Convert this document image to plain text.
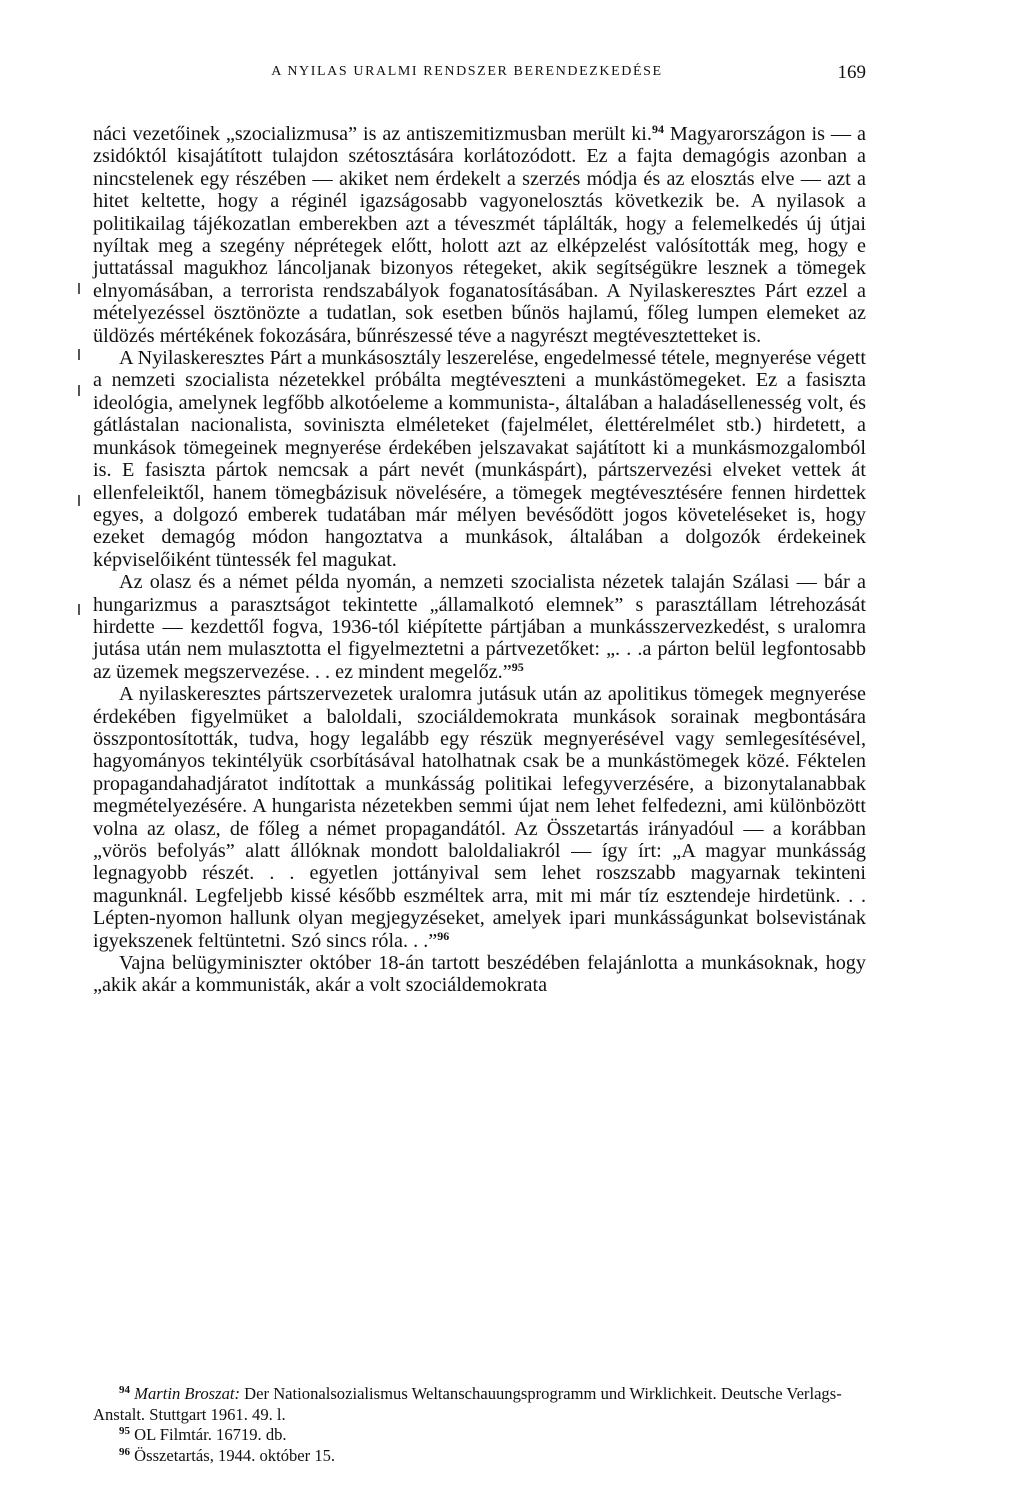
A NYILAS URALMI RENDSZER BERENDEZKEDÉSE	169

náci vezetőinek „szocializmusa” is az antiszemitizmusban merült ki.$^{94}$ Magyarországon is — a zsidóktól kisajátított tulajdon szétosztására korlátozódott. Ez a fajta demagógis azonban a nincstelenek egy részében — akiket nem érdekelt a szerzés módja és az elosztás elve — azt a hitet keltette, hogy a réginél igazságosabb vagyonelosztás következik be. A nyilasok a politikailag tájékozatlan emberekben azt a téveszmét táplálták, hogy a felemelkedés új útjai nyíltak meg a szegény néprétegek előtt, holott azt az elképzelést valósították meg, hogy e juttatással magukhoz láncoljanak bizonyos rétegeket, akik segítségükre lesznek a tömegek elnyomásában, a terrorista rendszabályok foganatosításában. A Nyilaskeresztes Párt ezzel a mételyezéssel ösztönözte a tudatlan, sok esetben bűnös hajlamú, főleg lumpen elemeket az üldözés mértékének fokozására, bűnrészessé téve a nagyrészt megtévesztetteket is.

A Nyilaskeresztes Párt a munkásosztály leszerelése, engedelmessé tétele, megnyerése végett a nemzeti szocialista nézetekkel próbálta megtéveszteni a munkástömegeket. Ez a fasiszta ideológia, amelynek legfőbb alkotóeleme a kommunista-, általában a haladásellenesség volt, és gátlástalan nacionalista, soviniszta elméleteket (fajelmélet, élettérelmélet stb.) hirdetett, a munkások tömegeinek megnyerése érdekében jelszavakat sajátított ki a munkásmozgalomból is. E fasiszta pártok nemcsak a párt nevét (munkáspárt), pártszervezési elveket vettek át ellenfeleiktől, hanem tömegbázisuk növelésére, a tömegek megtévesztésére fennen hirdettek egyes, a dolgozó emberek tudatában már mélyen bevésődött jogos követeléseket is, hogy ezeket demagóg módon hangoztatva a munkások, általában a dolgozók érdekeinek képviselőiként tüntessék fel magukat.

Az olasz és a német példa nyomán, a nemzeti szocialista nézetek talaján Szálasi — bár a hungarizmus a parasztságot tekintette „államalkotó elemnek” s parasztállam létrehozását hirdette — kezdettől fogva, 1936-tól kiépítette pártjában a munkásszervezkedést, s uralomra jutása után nem mulasztotta el figyelmeztetni a pártvezetőket: „. . .a párton belül legfontosabb az üzemek megszervezése. . . ez mindent megelőz.”$^{95}$

A nyilaskeresztes pártszervezetek uralomra jutásuk után az apolitikus tömegek megnyerése érdekében figyelmüket a baloldali, szociáldemokrata munkások sorainak megbontására összpontosították, tudva, hogy legalább egy részük megnyerésével vagy semlegesítésével, hagyományos tekintélyük csorbításával hatolhatnak csak be a munkástömegek közé. Féktelen propagandahadjáratot indítottak a munkásság politikai lefegyverzésére, a bizonytalanabbak megmételyezésére. A hungarista nézetekben semmi újat nem lehet felfedezni, ami különbözött volna az olasz, de főleg a német propagandától. Az Összetartás irányadóul — a korábban „vörös befolyás” alatt állóknak mondott baloldaliakról — így írt: „A magyar munkásság legnagyobb részét. . . egyetlen jottányival sem lehet roszszabb magyarnak tekinteni magunknál. Legfeljebb kissé később eszméltek arra, mit mi már tíz esztendeje hirdetünk. . . Lépten-nyomon hallunk olyan megjegyzéseket, amelyek ipari munkásságunkat bolsevistának igyekszenek feltüntetni. Szó sincs róla. . .”$^{96}$

Vajna belügyminiszter október 18-án tartott beszédében felajánlotta a munkásoknak, hogy „akik akár a kommunisták, akár a volt szociáldemokrata

$^{94}$ Martin Broszat: Der Nationalsozialismus Weltanschauungsprogramm und Wirklichkeit. Deutsche Verlags-Anstalt. Stuttgart 1961. 49. l.

$^{95}$ OL Filmtár. 16719. db.

$^{96}$ Összetartás, 1944. október 15.
